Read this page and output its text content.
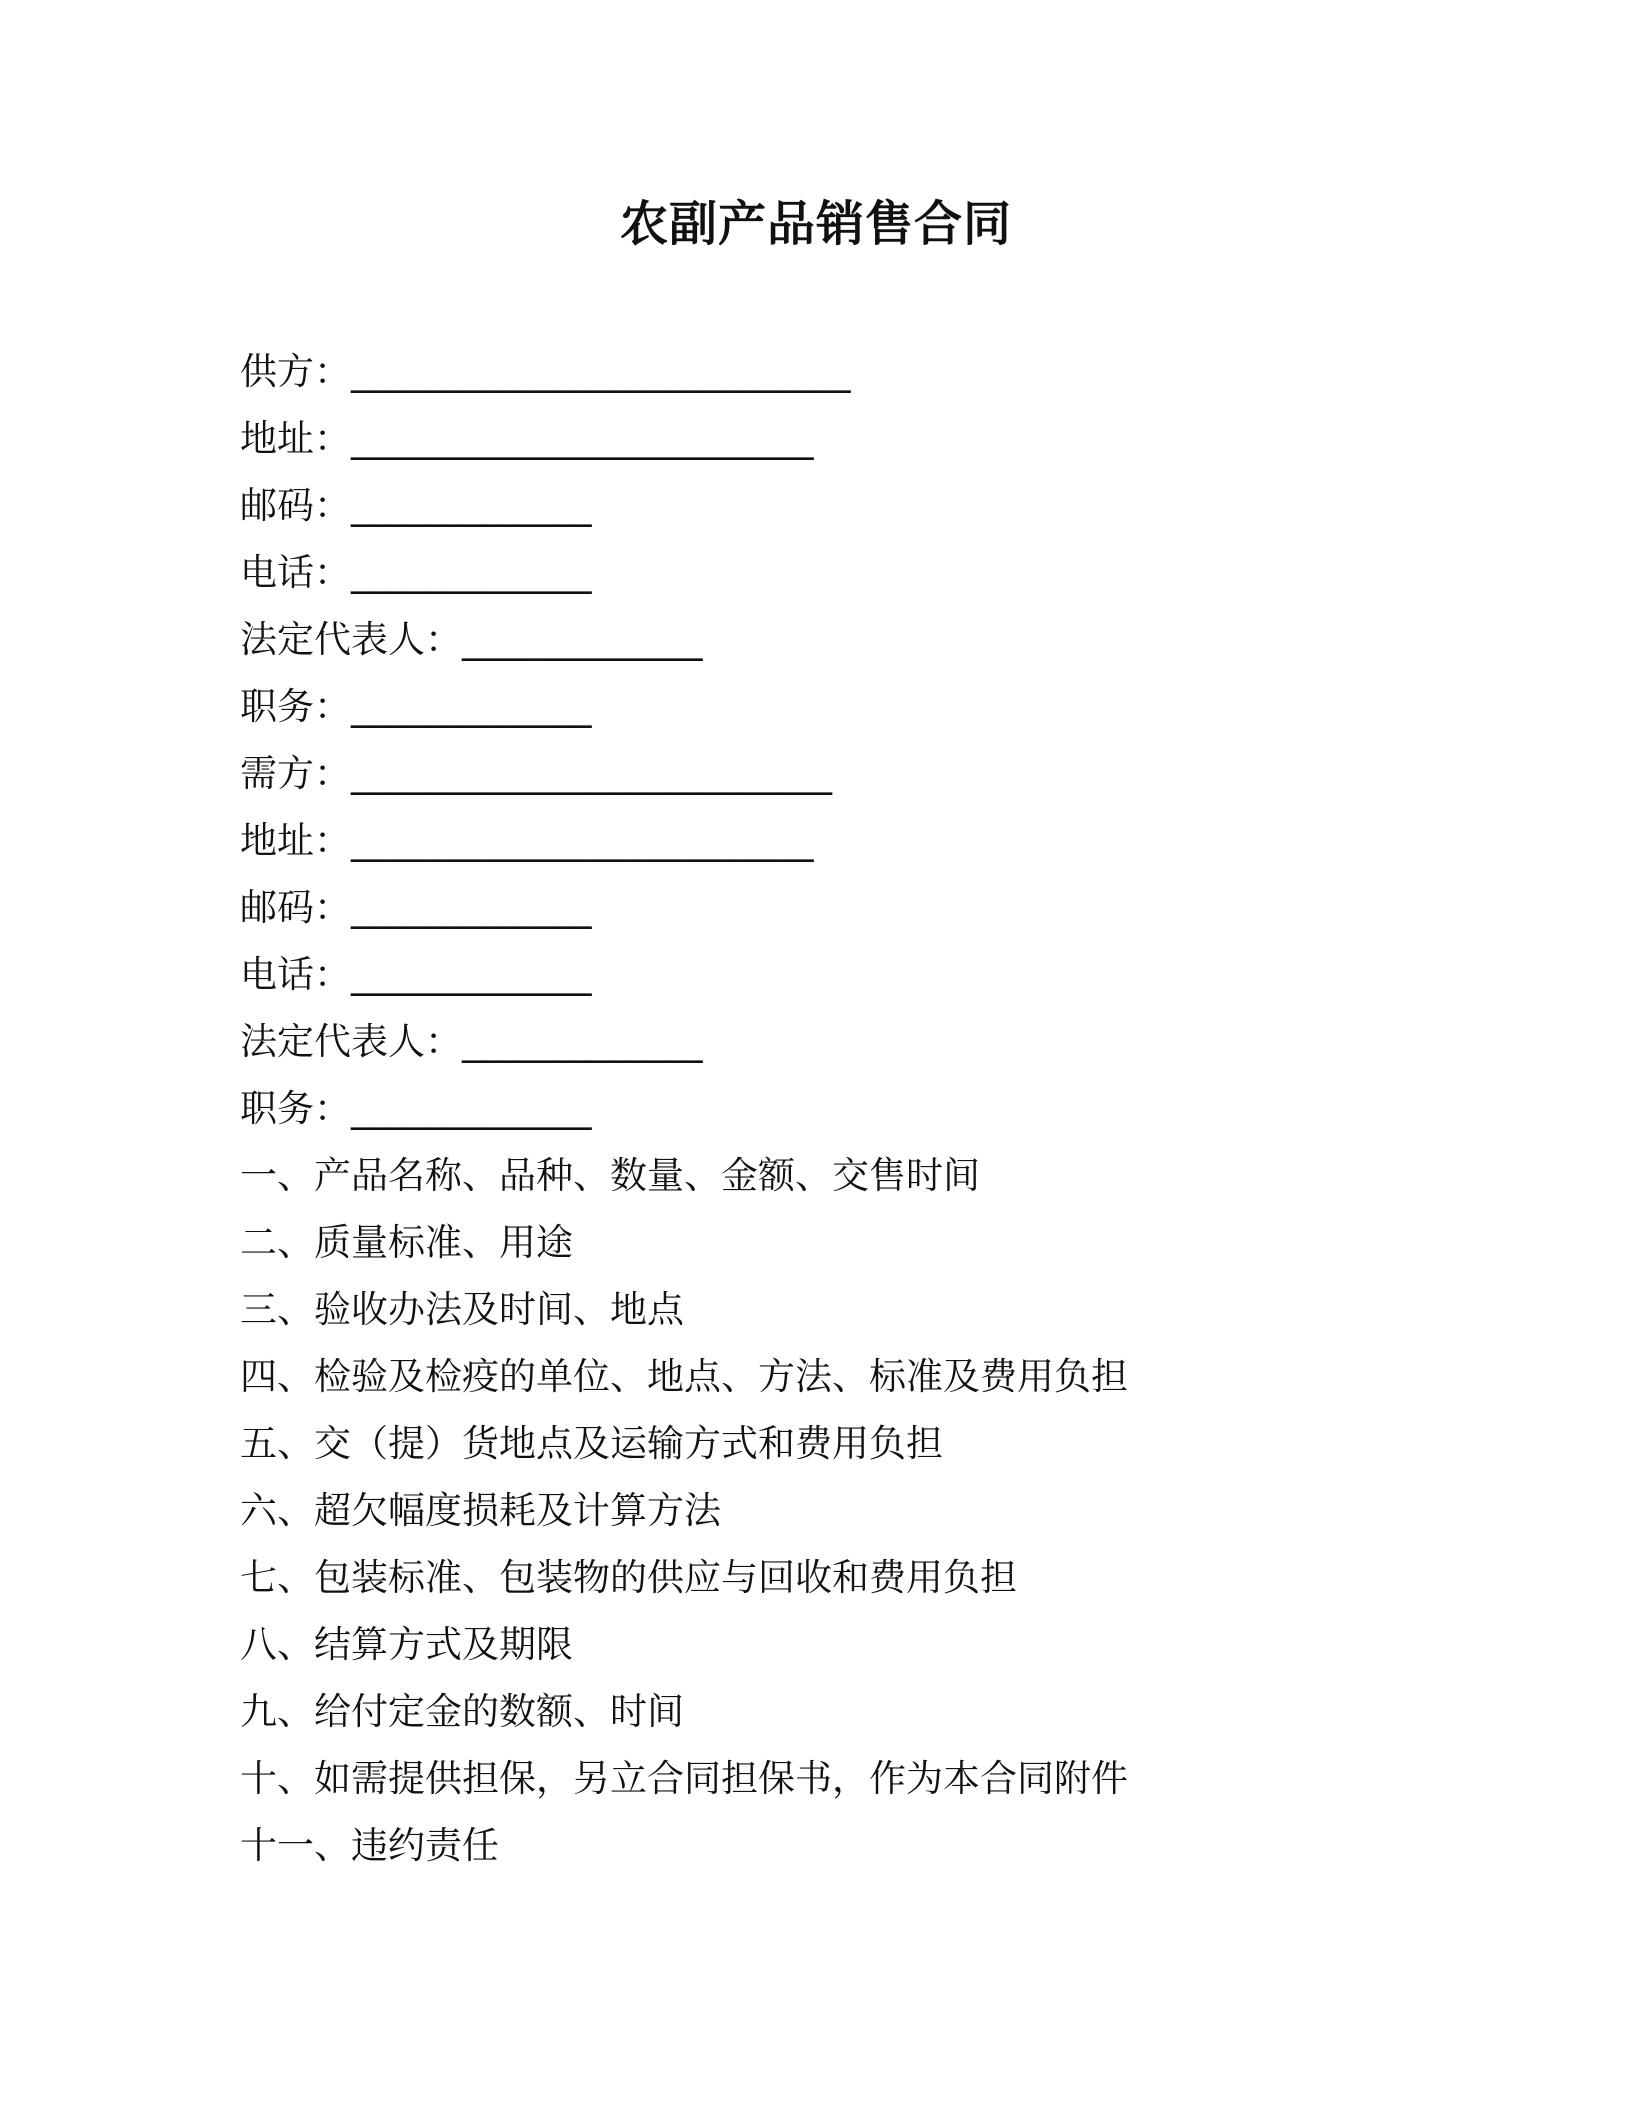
农副产品销售合同
供方：___________________________
地址：_________________________
邮码：_____________
电话：_____________
法定代表人：_____________
职务：_____________
需方：__________________________
地址：_________________________
邮码：_____________
电话：_____________
法定代表人：_____________
职务：_____________
一、产品名称、品种、数量、金额、交售时间
二、质量标准、用途
三、验收办法及时间、地点
四、检验及检疫的单位、地点、方法、标准及费用负担
五、交（提）货地点及运输方式和费用负担
六、超欠幅度损耗及计算方法
七、包装标准、包装物的供应与回收和费用负担
八、结算方式及期限
九、给付定金的数额、时间
十、如需提供担保，另立合同担保书，作为本合同附件
十一、违约责任
